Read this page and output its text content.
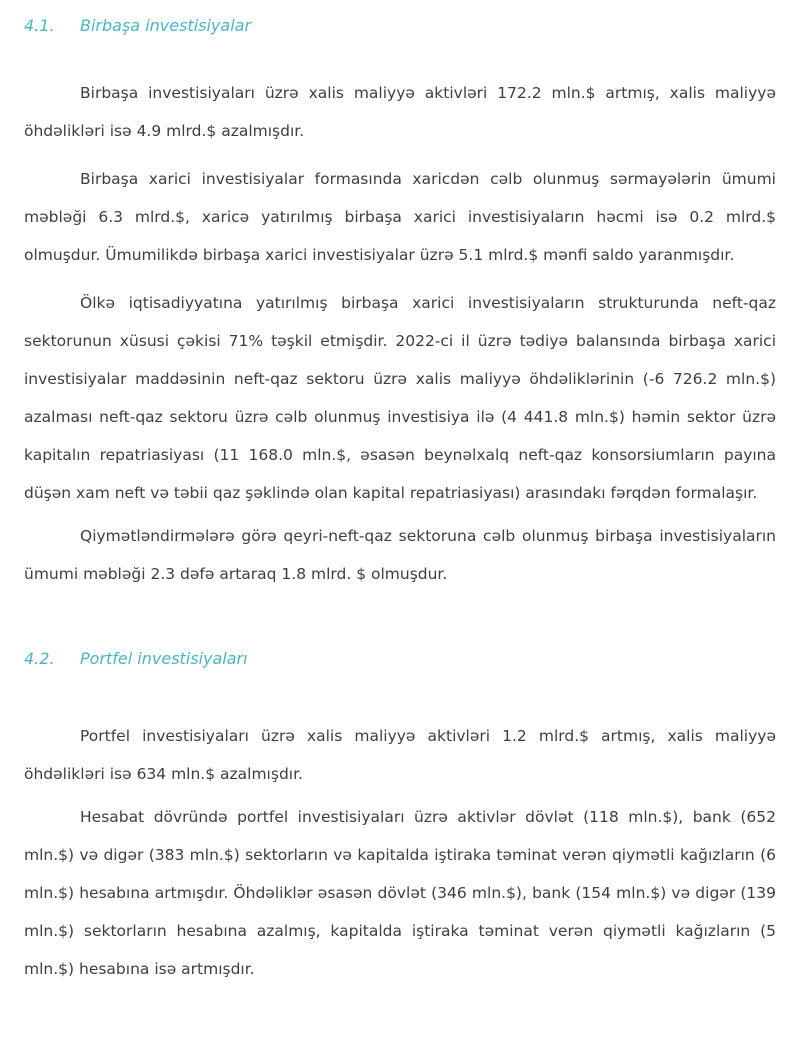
4.1.	Birbaşa investisiyalar

Birbaşa investisiyaları üzrə xalis maliyyə aktivləri 172.2 mln.$ artmış, xalis maliyyə öhdəlikləri isə 4.9 mlrd.$ azalmışdır.

Birbaşa xarici investisiyalar formasında xaricdən cəlb olunmuş sərmayələrin ümumi məbləği 6.3 mlrd.$, xaricə yatırılmış birbaşa xarici investisiyaların həcmi isə 0.2 mlrd.$ olmuşdur. Ümumilikdə birbaşa xarici investisiyalar üzrə 5.1 mlrd.$ mənfi saldo yaranmışdır.

Ölkə iqtisadiyyatına yatırılmış birbaşa xarici investisiyaların strukturunda neft-qaz sektorunun xüsusi çəkisi 71% təşkil etmişdir. 2022-ci il üzrə tədiyə balansında birbaşa xarici investisiyalar maddəsinin neft-qaz sektoru üzrə xalis maliyyə öhdəliklərinin (-6 726.2 mln.$) azalması neft-qaz sektoru üzrə cəlb olunmuş investisiya ilə (4 441.8 mln.$) həmin sektor üzrə kapitalın repatriasiyası (11 168.0 mln.$, əsasən beynəlxalq neft-qaz konsorsiumların payına düşən xam neft və təbii qaz şəklində olan kapital repatriasiyası) arasındakı fərqdən formalaşır.

Qiymətləndirmələrə görə qeyri-neft-qaz sektoruna cəlb olunmuş birbaşa investisiyaların ümumi məbləği 2.3 dəfə artaraq 1.8 mlrd. $ olmuşdur.

4.2.	Portfel investisiyaları

Portfel investisiyaları üzrə xalis maliyyə aktivləri 1.2 mlrd.$ artmış, xalis maliyyə öhdəlikləri isə 634 mln.$ azalmışdır.

Hesabat dövründə portfel investisiyaları üzrə aktivlər dövlət (118 mln.$), bank (652 mln.$) və digər (383 mln.$) sektorların və kapitalda iştiraka təminat verən qiymətli kağızların (6 mln.$) hesabına artmışdır. Öhdəliklər əsasən dövlət (346 mln.$), bank (154 mln.$) və digər (139 mln.$) sektorların hesabına azalmış, kapitalda iştiraka təminat verən qiymətli kağızların (5 mln.$) hesabına isə artmışdır.
